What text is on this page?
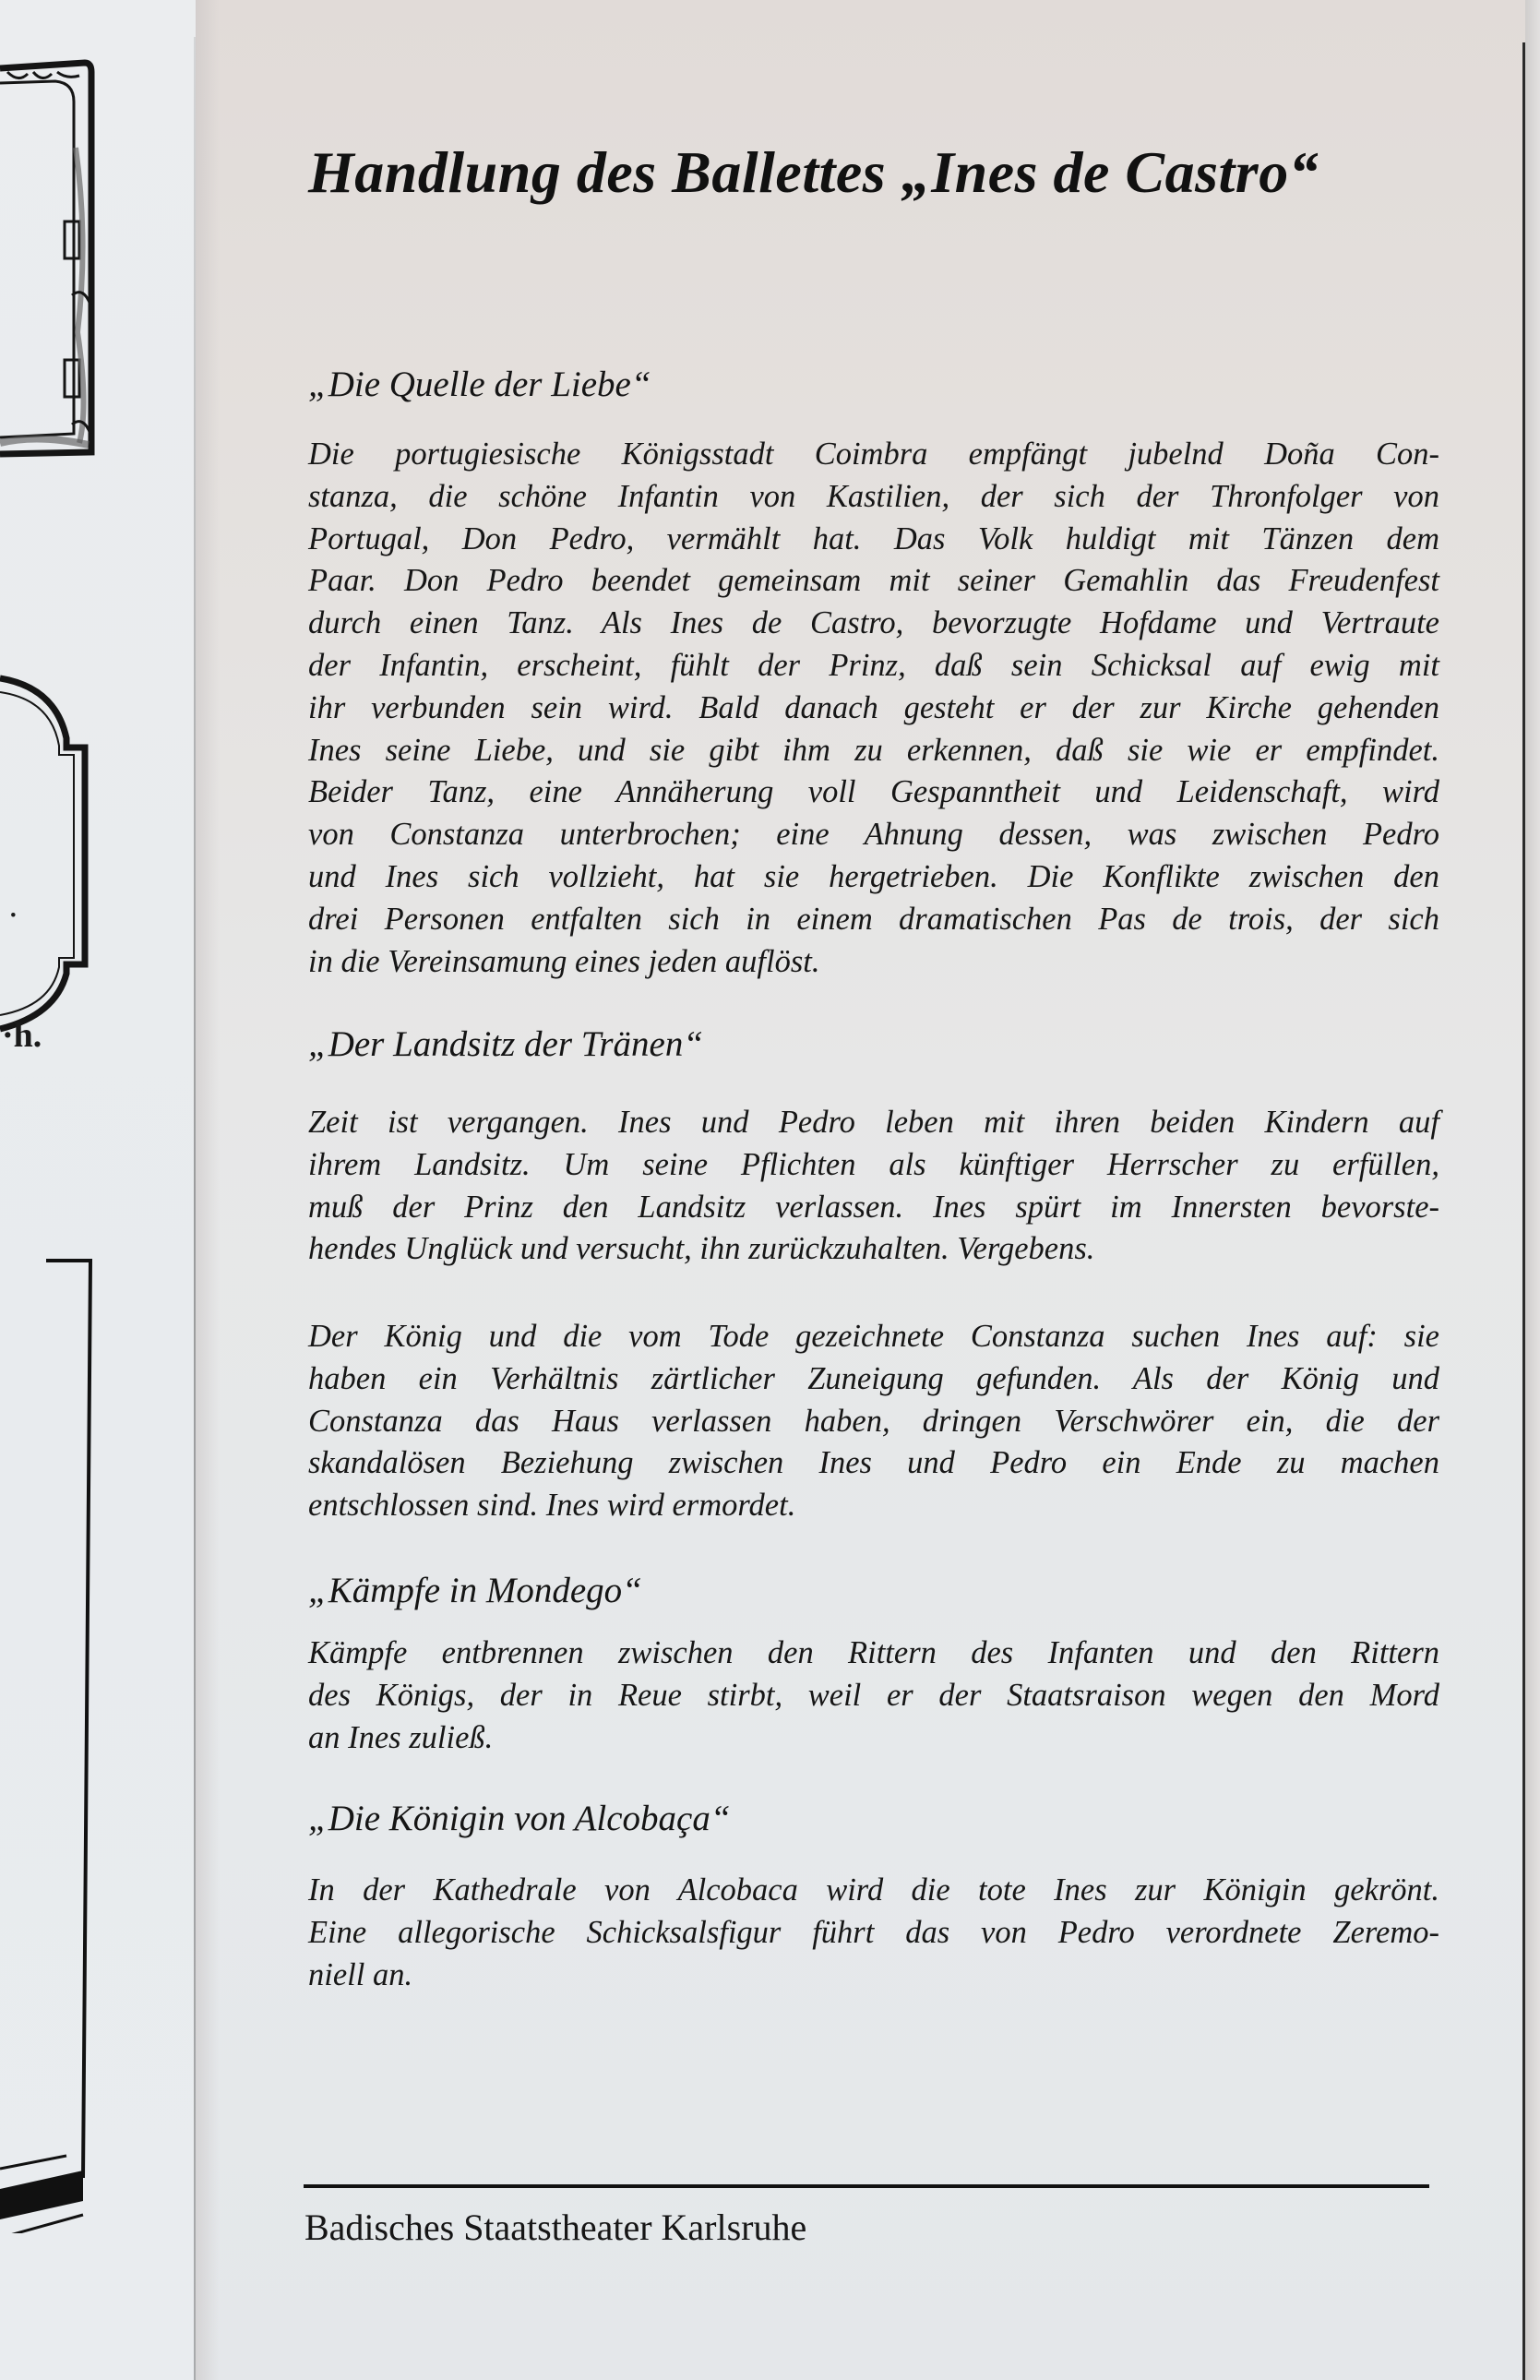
·
·h.
Handlung des Ballettes „Ines de Castro“
„Die Quelle der Liebe“
Die portugiesische Königsstadt Coimbra empfängt jubelnd Doña Con-
stanza, die schöne Infantin von Kastilien, der sich der Thronfolger von
Portugal, Don Pedro, vermählt hat. Das Volk huldigt mit Tänzen dem
Paar. Don Pedro beendet gemeinsam mit seiner Gemahlin das Freudenfest
durch einen Tanz. Als Ines de Castro, bevorzugte Hofdame und Vertraute
der Infantin, erscheint, fühlt der Prinz, daß sein Schicksal auf ewig mit
ihr verbunden sein wird. Bald danach gesteht er der zur Kirche gehenden
Ines seine Liebe, und sie gibt ihm zu erkennen, daß sie wie er empfindet.
Beider Tanz, eine Annäherung voll Gespanntheit und Leidenschaft, wird
von Constanza unterbrochen; eine Ahnung dessen, was zwischen Pedro
und Ines sich vollzieht, hat sie hergetrieben. Die Konflikte zwischen den
drei Personen entfalten sich in einem dramatischen Pas de trois, der sich
in die Vereinsamung eines jeden auflöst.
„Der Landsitz der Tränen“
Zeit ist vergangen. Ines und Pedro leben mit ihren beiden Kindern auf
ihrem Landsitz. Um seine Pflichten als künftiger Herrscher zu erfüllen,
muß der Prinz den Landsitz verlassen. Ines spürt im Innersten bevorste-
hendes Unglück und versucht, ihn zurückzuhalten. Vergebens.
Der König und die vom Tode gezeichnete Constanza suchen Ines auf: sie
haben ein Verhältnis zärtlicher Zuneigung gefunden. Als der König und
Constanza das Haus verlassen haben, dringen Verschwörer ein, die der
skandalösen Beziehung zwischen Ines und Pedro ein Ende zu machen
entschlossen sind. Ines wird ermordet.
„Kämpfe in Mondego“
Kämpfe entbrennen zwischen den Rittern des Infanten und den Rittern
des Königs, der in Reue stirbt, weil er der Staatsraison wegen den Mord
an Ines zuließ.
„Die Königin von Alcobaça“
In der Kathedrale von Alcobaca wird die tote Ines zur Königin gekrönt.
Eine allegorische Schicksalsfigur führt das von Pedro verordnete Zeremo-
niell an.

Badisches Staatstheater Karlsruhe
